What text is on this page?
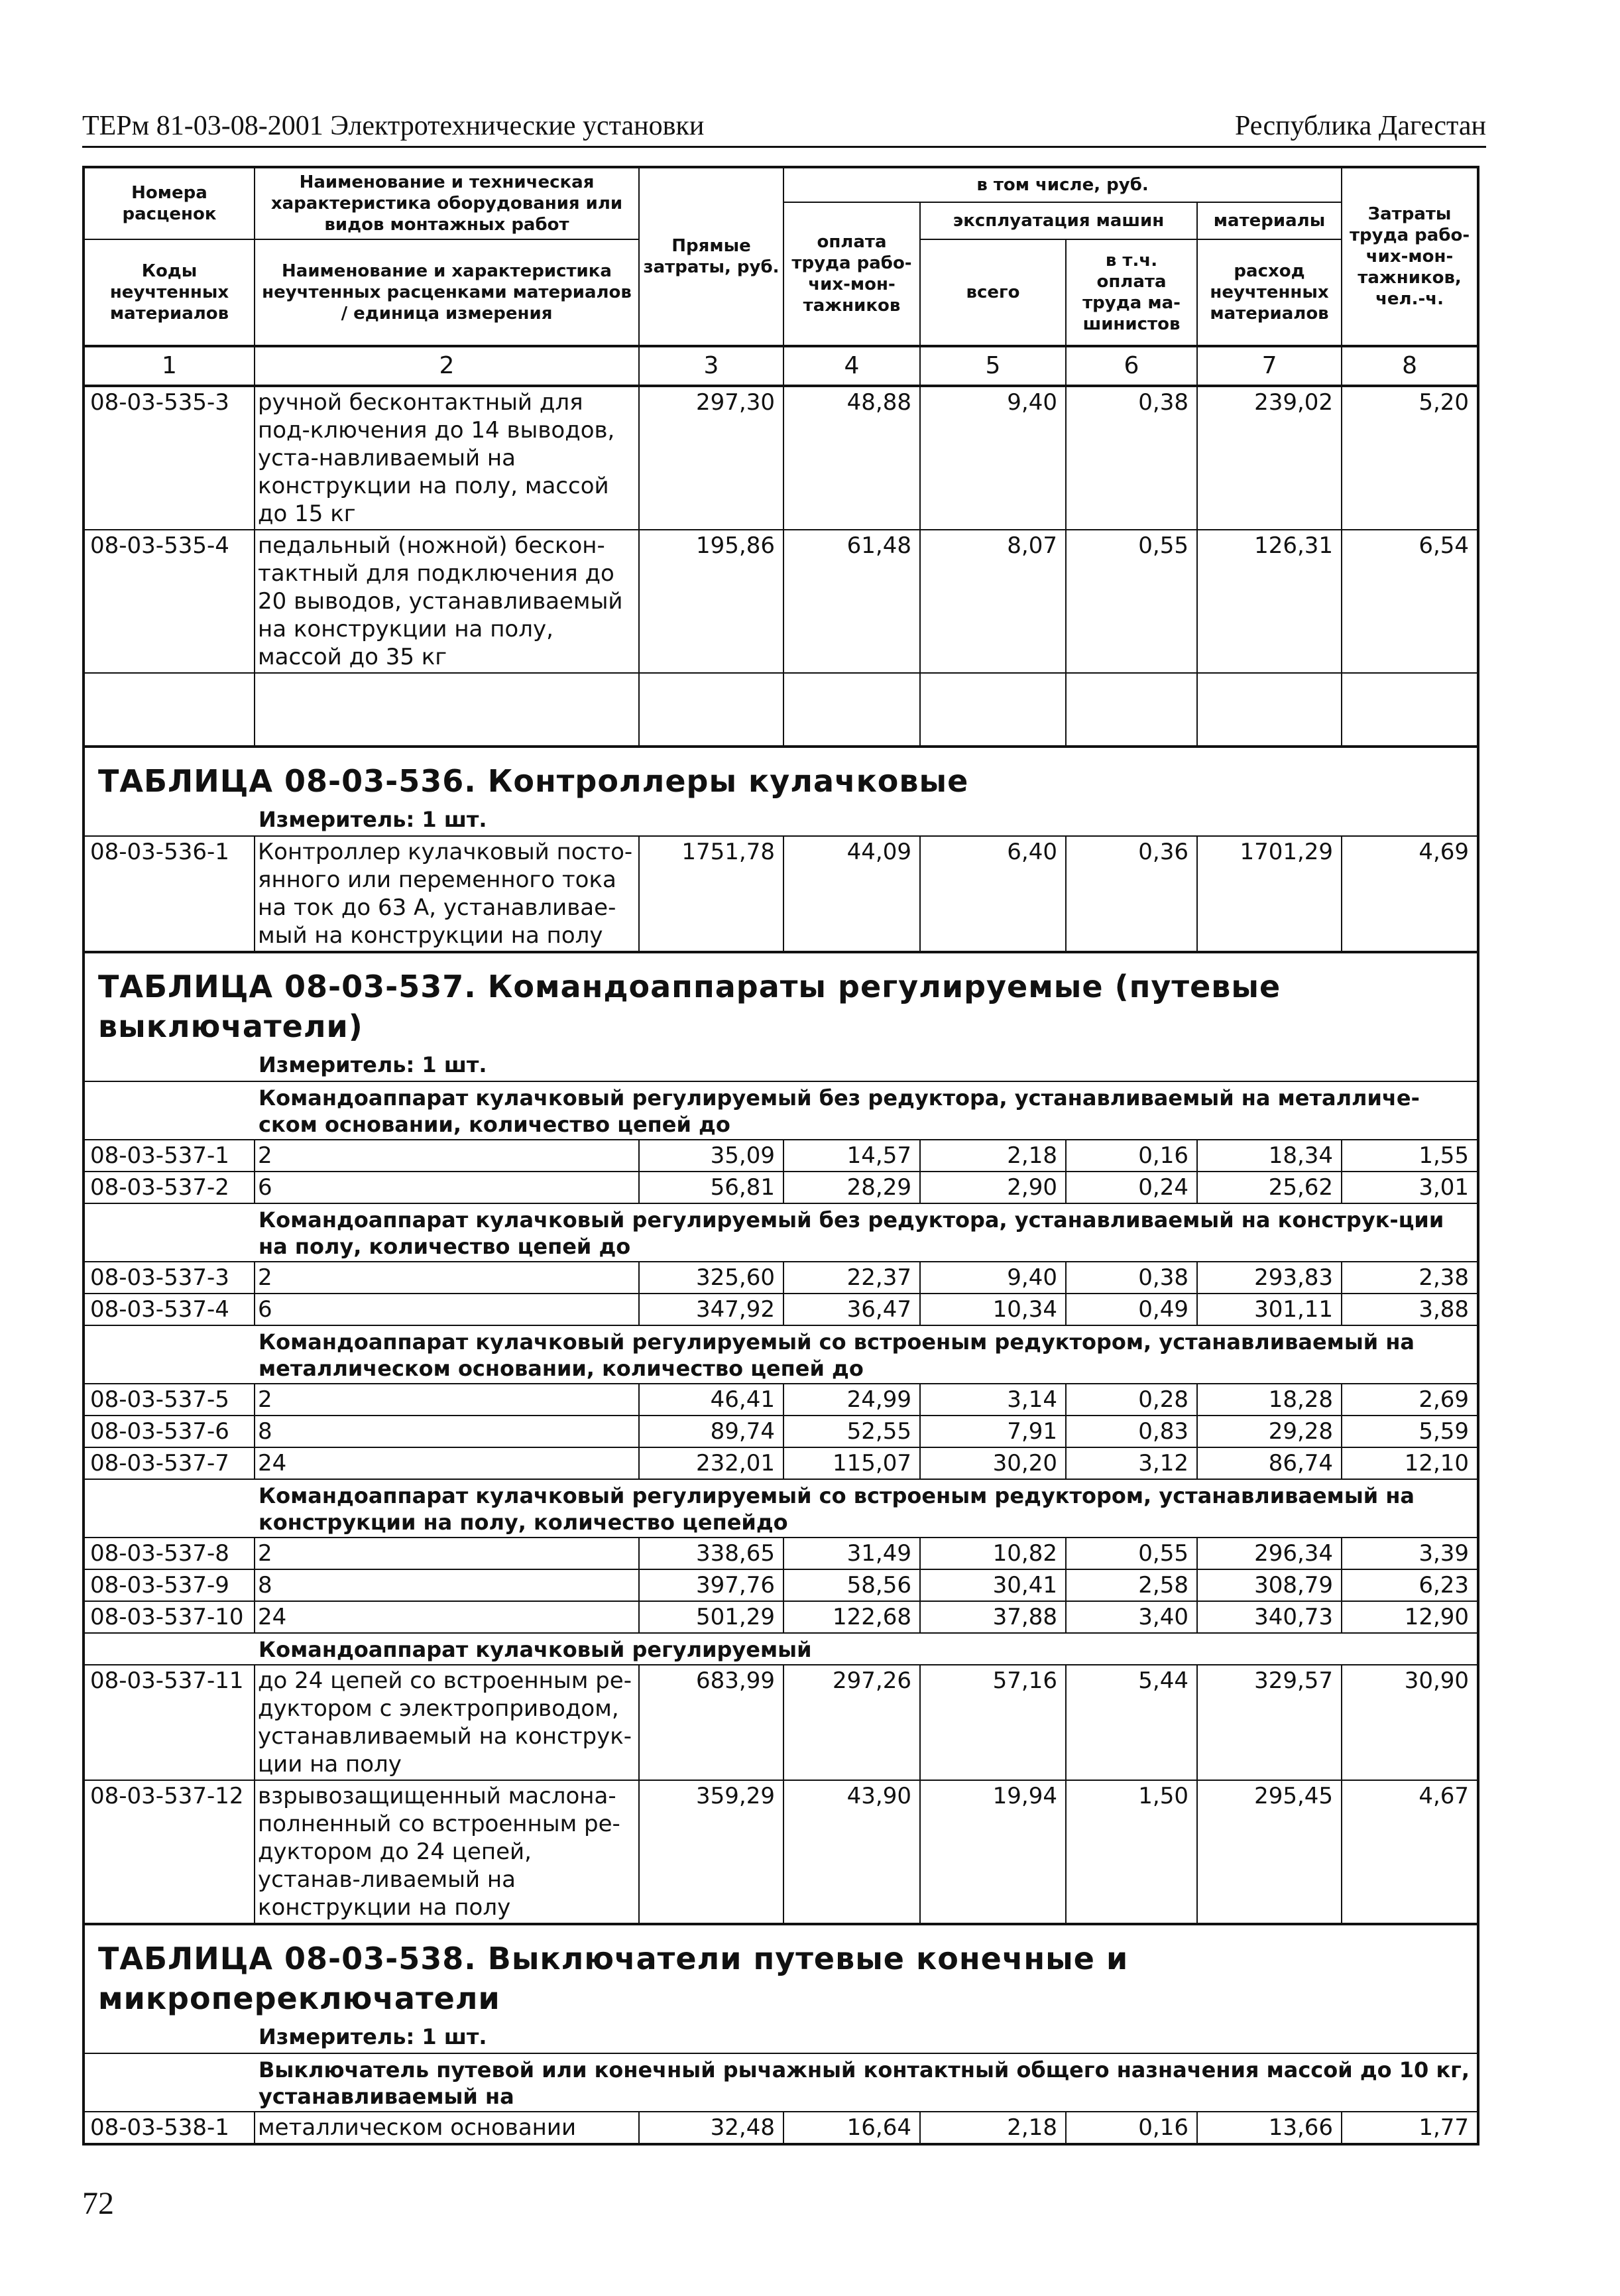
ТЕРм 81-03-08-2001 Электротехнические установки	Республика Дагестан
Номера расценок	Наименование и техническая характеристика оборудования или видов монтажных работ	Прямые затраты, руб.	в том числе, руб.				Затраты труда рабо-чих-мон-тажников, чел.-ч.
			оплата труда рабо-чих-мон-тажников	эксплуатация машин		материалы	
Коды неучтенных материалов	Наименование и характеристика неучтенных расценками материалов / единица измерения			всего	в т.ч. оплата труда ма-шинистов	расход неучтенных материалов	

1	2	3	4	5	6	7	8
08-03-535-3	ручной бесконтактный для под-ключения до 14 выводов, уста-навливаемый на конструкции на полу, массой до 15 кг	297,30	48,88	9,40	0,38	239,02	5,20
08-03-535-4	педальный (ножной) бескон-тактный для подключения до 20 выводов, устанавливаемый на конструкции на полу, массой до 35 кг	195,86	61,48	8,07	0,55	126,31	6,54

ТАБЛИЦА 08-03-536. Контроллеры кулачковые
Измеритель: 1 шт.							

08-03-536-1	Контроллер кулачковый посто-янного или переменного тока на ток до 63 А, устанавливае-мый на конструкции на полу	1751,78	44,09	6,40	0,36	1701,29	4,69

ТАБЛИЦА 08-03-537. Командоаппараты регулируемые (путевые выключатели)
Измеритель: 1 шт.							

	Командоаппарат кулачковый регулируемый без редуктора, устанавливаемый на металличе-ском основании, количество цепей до						
08-03-537-1	2	35,09	14,57	2,18	0,16	18,34	1,55
08-03-537-2	6	56,81	28,29	2,90	0,24	25,62	3,01
	Командоаппарат кулачковый регулируемый без редуктора, устанавливаемый на конструк-ции на полу, количество цепей до						
08-03-537-3	2	325,60	22,37	9,40	0,38	293,83	2,38
08-03-537-4	6	347,92	36,47	10,34	0,49	301,11	3,88
	Командоаппарат кулачковый регулируемый со встроеным редуктором, устанавливаемый на металлическом основании, количество цепей до						
08-03-537-5	2	46,41	24,99	3,14	0,28	18,28	2,69
08-03-537-6	8	89,74	52,55	7,91	0,83	29,28	5,59
08-03-537-7	24	232,01	115,07	30,20	3,12	86,74	12,10
	Командоаппарат кулачковый регулируемый со встроеным редуктором, устанавливаемый на конструкции на полу, количество цепейдо						
08-03-537-8	2	338,65	31,49	10,82	0,55	296,34	3,39
08-03-537-9	8	397,76	58,56	30,41	2,58	308,79	6,23
08-03-537-10	24	501,29	122,68	37,88	3,40	340,73	12,90
	Командоаппарат кулачковый регулируемый						
08-03-537-11	до 24 цепей со встроенным ре-дуктором с электроприводом, устанавливаемый на конструк-ции на полу	683,99	297,26	57,16	5,44	329,57	30,90
08-03-537-12	взрывозащищенный маслона-полненный со встроенным ре-дуктором до 24 цепей, устанав-ливаемый на конструкции на полу	359,29	43,90	19,94	1,50	295,45	4,67

ТАБЛИЦА 08-03-538. Выключатели путевые конечные и микропереключатели
Измеритель: 1 шт.							

	Выключатель путевой или конечный рычажный контактный общего назначения массой до 10 кг, устанавливаемый на						
08-03-538-1	металлическом основании	32,48	16,64	2,18	0,16	13,66	1,77
72
